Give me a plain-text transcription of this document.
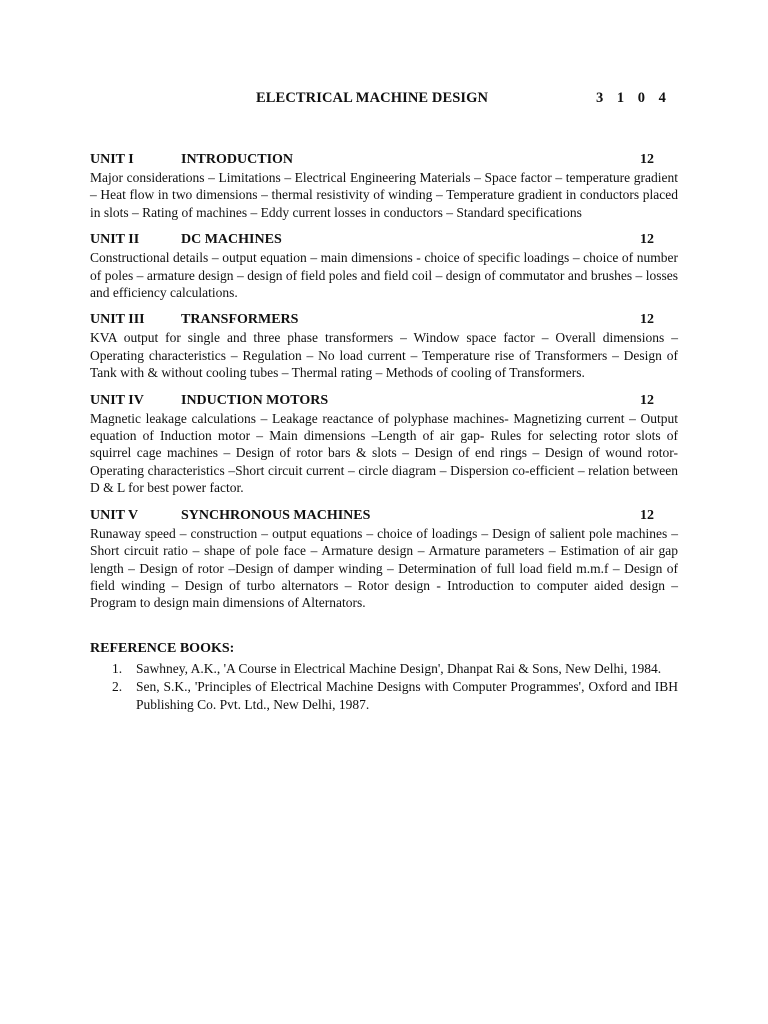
ELECTRICAL MACHINE DESIGN	3 1 0 4
UNIT I	INTRODUCTION	12
Major considerations – Limitations – Electrical Engineering Materials – Space factor – temperature gradient – Heat flow in two dimensions – thermal resistivity of winding – Temperature gradient in conductors placed in slots – Rating of machines – Eddy current losses in conductors – Standard specifications
UNIT II	DC MACHINES	12
Constructional details – output equation – main dimensions - choice of specific loadings – choice of number of poles – armature design – design of field poles and field coil – design of commutator and brushes – losses and efficiency calculations.
UNIT III	TRANSFORMERS	12
KVA output for single and three phase transformers – Window space factor – Overall dimensions – Operating characteristics – Regulation – No load current – Temperature rise of Transformers – Design of Tank with & without cooling tubes – Thermal rating – Methods of cooling of Transformers.
UNIT IV	INDUCTION MOTORS	12
Magnetic leakage calculations – Leakage reactance of polyphase machines- Magnetizing current – Output equation of Induction motor – Main dimensions –Length of air gap- Rules for selecting rotor slots of squirrel cage machines – Design of rotor bars & slots – Design of end rings – Design of wound rotor-Operating characteristics –Short circuit current – circle diagram – Dispersion co-efficient – relation between D & L for best power factor.
UNIT V	SYNCHRONOUS MACHINES	12
Runaway speed – construction – output equations – choice of loadings – Design of salient pole machines – Short circuit ratio – shape of pole face – Armature design – Armature parameters – Estimation of air gap length – Design of rotor –Design of damper winding – Determination of full load field m.m.f – Design of field winding – Design of turbo alternators – Rotor design - Introduction to computer aided design – Program to design main dimensions of Alternators.
REFERENCE BOOKS:
1. Sawhney, A.K., 'A Course in Electrical Machine Design', Dhanpat Rai & Sons, New Delhi, 1984.
2. Sen, S.K., 'Principles of Electrical Machine Designs with Computer Programmes', Oxford and IBH Publishing Co. Pvt. Ltd., New Delhi, 1987.
